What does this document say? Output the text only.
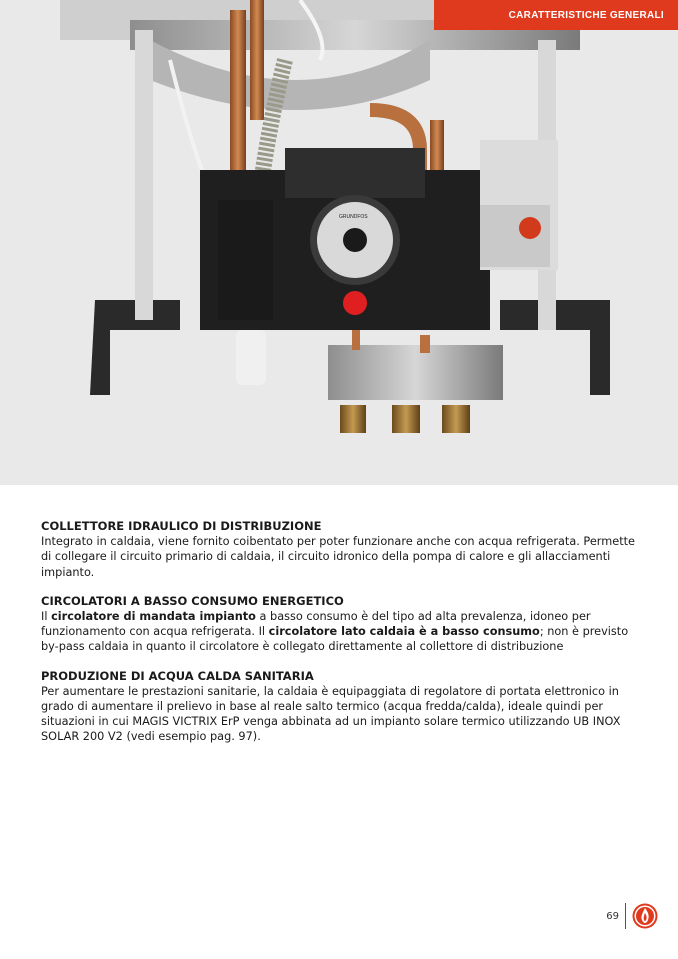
GRUNDFOS
CARATTERISTICHE GENERALI

COLLETTORE IDRAULICO DI DISTRIBUZIONE

Integrato in caldaia, viene fornito coibentato per poter funzionare anche con acqua refrigerata. Permette di collegare il circuito primario di caldaia, il circuito idronico della pompa di calore e gli allacciamenti impianto.

CIRCOLATORI A BASSO CONSUMO ENERGETICO

Il circolatore di mandata impianto a basso consumo è del tipo ad alta prevalenza, idoneo per funzionamento con acqua refrigerata. Il circolatore lato caldaia è a basso consumo; non è previsto by-pass caldaia in quanto il circolatore è collegato direttamente al collettore di distribuzione

PRODUZIONE DI ACQUA CALDA SANITARIA

Per aumentare le prestazioni sanitarie, la caldaia è equipaggiata di regolatore di portata elettronico in grado di aumentare il prelievo in base al reale salto termico (acqua fredda/calda), ideale quindi per situazioni in cui MAGIS VICTRIX ErP venga abbinata ad un impianto solare termico utilizzando UB INOX SOLAR 200 V2 (vedi esempio pag. 97).

69
